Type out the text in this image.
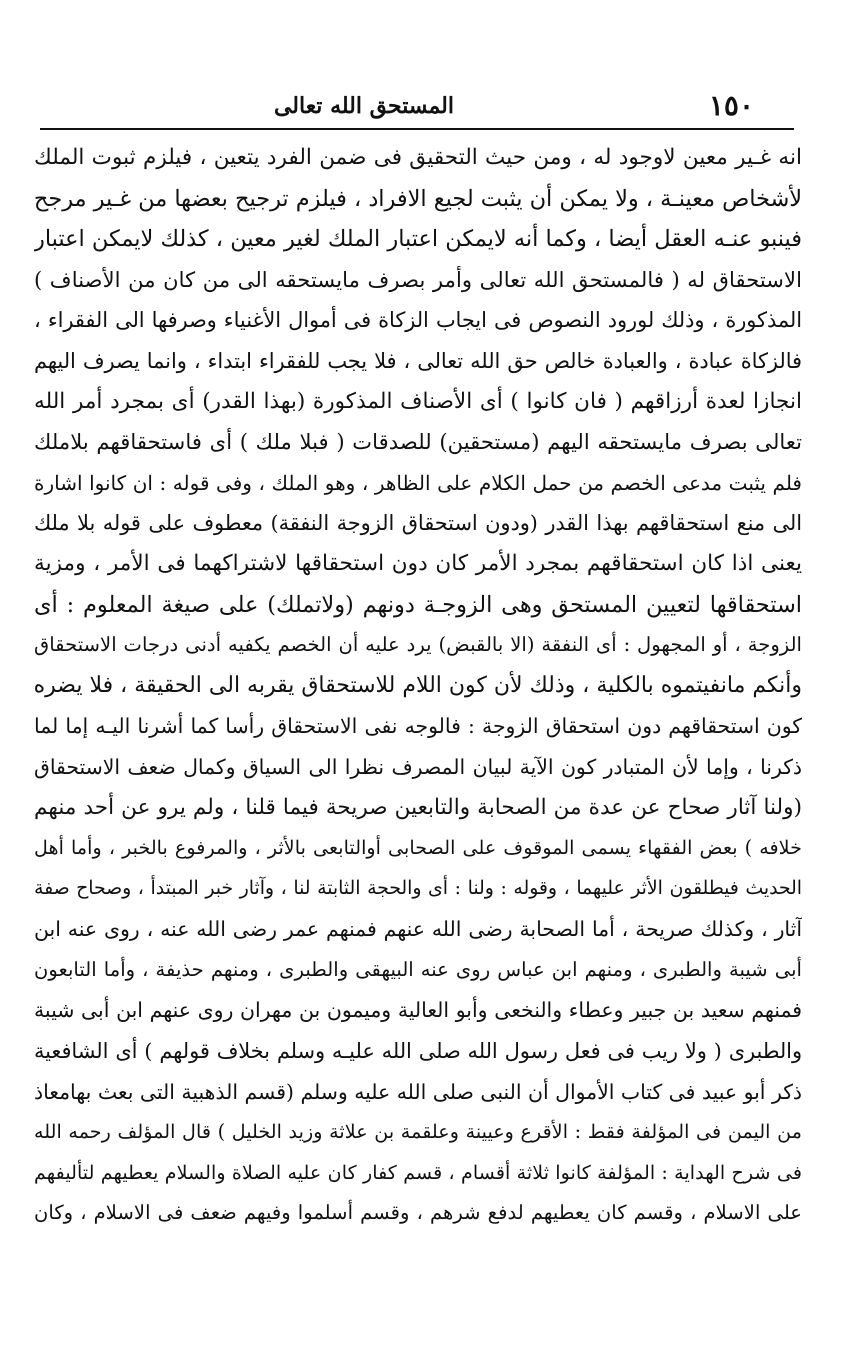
١٥٠
المستحق الله تعالى
انه غـير معين لاوجود له ، ومن حيث التحقيق فى ضمن الفرد يتعين ، فيلزم ثبوت الملك
لأشخاص معينـة ، ولا يمكن أن يثبت لجيع الافراد ، فيلزم ترجيح بعضها من غـير مرجح
فينبو عنـه العقل أيضا ، وكما أنه لايمكن اعتبار الملك لغير معين ، كذلك لايمكن اعتبار
الاستحقاق له ( فالمستحق الله تعالى وأمر بصرف مايستحقه الى من كان من الأصناف )
المذكورة ، وذلك لورود النصوص فى ايجاب الزكاة فى أموال الأغنياء وصرفها الى الفقراء ،
فالزكاة عبادة ، والعبادة خالص حق الله تعالى ، فلا يجب للفقراء ابتداء ، وانما يصرف اليهم
انجازا لعدة أرزاقهم ( فان كانوا ) أى الأصناف المذكورة (بهذا القدر) أى بمجرد أمر الله
تعالى بصرف مايستحقه اليهم (مستحقين) للصدقات ( فبلا ملك ) أى فاستحقاقهم بلاملك
فلم يثبت مدعى الخصم من حمل الكلام على الظاهر ، وهو الملك ، وفى قوله : ان كانوا اشارة
الى منع استحقاقهم بهذا القدر (ودون استحقاق الزوجة النفقة) معطوف على قوله بلا ملك
يعنى اذا كان استحقاقهم بمجرد الأمر كان دون استحقاقها لاشتراكهما فى الأمر ، ومزية
استحقاقها لتعيين المستحق وهى الزوجـة دونهم (ولاتملك) على صيغة المعلوم : أى
الزوجة ، أو المجهول : أى النفقة (الا بالقبض) يرد عليه أن الخصم يكفيه أدنى درجات الاستحقاق
وأنكم مانفيتموه بالكلية ، وذلك لأن كون اللام للاستحقاق يقربه الى الحقيقة ، فلا يضره
كون استحقاقهم دون استحقاق الزوجة : فالوجه نفى الاستحقاق رأسا كما أشرنا اليـه إما لما
ذكرنا ، وإما لأن المتبادر كون الآية لبيان المصرف نظرا الى السياق وكمال ضعف الاستحقاق
(ولنا آثار صحاح عن عدة من الصحابة والتابعين صريحة فيما قلنا ، ولم يرو عن أحد منهم
خلافه ) بعض الفقهاء يسمى الموقوف على الصحابى أوالتابعى بالأثر ، والمرفوع بالخبر ، وأما أهل
الحديث فيطلقون الأثر عليهما ، وقوله : ولنا : أى والحجة الثابتة لنا ، وآثار خبر المبتدأ ، وصحاح صفة
آثار ، وكذلك صريحة ، أما الصحابة رضى الله عنهم فمنهم عمر رضى الله عنه ، روى عنه ابن
أبى شيبة والطبرى ، ومنهم ابن عباس روى عنه البيهقى والطبرى ، ومنهم حذيفة ، وأما التابعون
فمنهم سعيد بن جبير وعطاء والنخعى وأبو العالية وميمون بن مهران روى عنهم ابن أبى شيبة
والطبرى ( ولا ريب فى فعل رسول الله صلى الله عليـه وسلم بخلاف قولهم ) أى الشافعية
ذكر أبو عبيد فى كتاب الأموال أن النبى صلى الله عليه وسلم (قسم الذهبية التى بعث بهامعاذ
من اليمن فى المؤلفة فقط : الأقرع وعيينة وعلقمة بن علاثة وزيد الخليل ) قال المؤلف رحمه الله
فى شرح الهداية : المؤلفة كانوا ثلاثة أقسام ، قسم كفار كان عليه الصلاة والسلام يعطيهم لتأليفهم
على الاسلام ، وقسم كان يعطيهم لدفع شرهم ، وقسم أسلموا وفيهم ضعف فى الاسلام ، وكان
